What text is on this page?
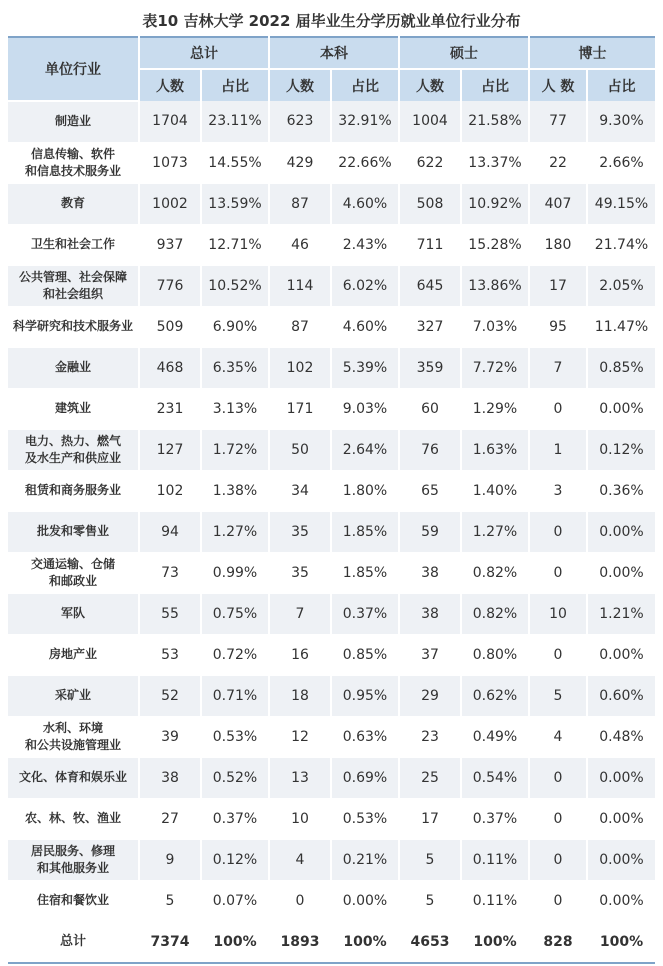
表10 吉林大学 2022 届毕业生分学历就业单位行业分布
单位行业	总计		本科		硕士		博士	
	人数	占比	人数	占比	人数	占比	人 数	占比

制造业	1704	23.11%	623	32.91%	1004	21.58%	77	9.30%

信息传输、软件
和信息技术服务业	1073	14.55%	429	22.66%	622	13.37%	22	2.66%

教育	1002	13.59%	87	4.60%	508	10.92%	407	49.15%

卫生和社会工作	937	12.71%	46	2.43%	711	15.28%	180	21.74%

公共管理、社会保障
和社会组织	776	10.52%	114	6.02%	645	13.86%	17	2.05%

科学研究和技术服务业	509	6.90%	87	4.60%	327	7.03%	95	11.47%

金融业	468	6.35%	102	5.39%	359	7.72%	7	0.85%

建筑业	231	3.13%	171	9.03%	60	1.29%	0	0.00%

电力、热力、燃气
及水生产和供应业	127	1.72%	50	2.64%	76	1.63%	1	0.12%

租赁和商务服务业	102	1.38%	34	1.80%	65	1.40%	3	0.36%

批发和零售业	94	1.27%	35	1.85%	59	1.27%	0	0.00%

交通运输、仓储
和邮政业	73	0.99%	35	1.85%	38	0.82%	0	0.00%

军队	55	0.75%	7	0.37%	38	0.82%	10	1.21%

房地产业	53	0.72%	16	0.85%	37	0.80%	0	0.00%

采矿业	52	0.71%	18	0.95%	29	0.62%	5	0.60%

水利、环境
和公共设施管理业	39	0.53%	12	0.63%	23	0.49%	4	0.48%

文化、体育和娱乐业	38	0.52%	13	0.69%	25	0.54%	0	0.00%

农、林、牧、渔业	27	0.37%	10	0.53%	17	0.37%	0	0.00%

居民服务、修理
和其他服务业	9	0.12%	4	0.21%	5	0.11%	0	0.00%

住宿和餐饮业	5	0.07%	0	0.00%	5	0.11%	0	0.00%

总计	7374	100%	1893	100%	4653	100%	828	100%
